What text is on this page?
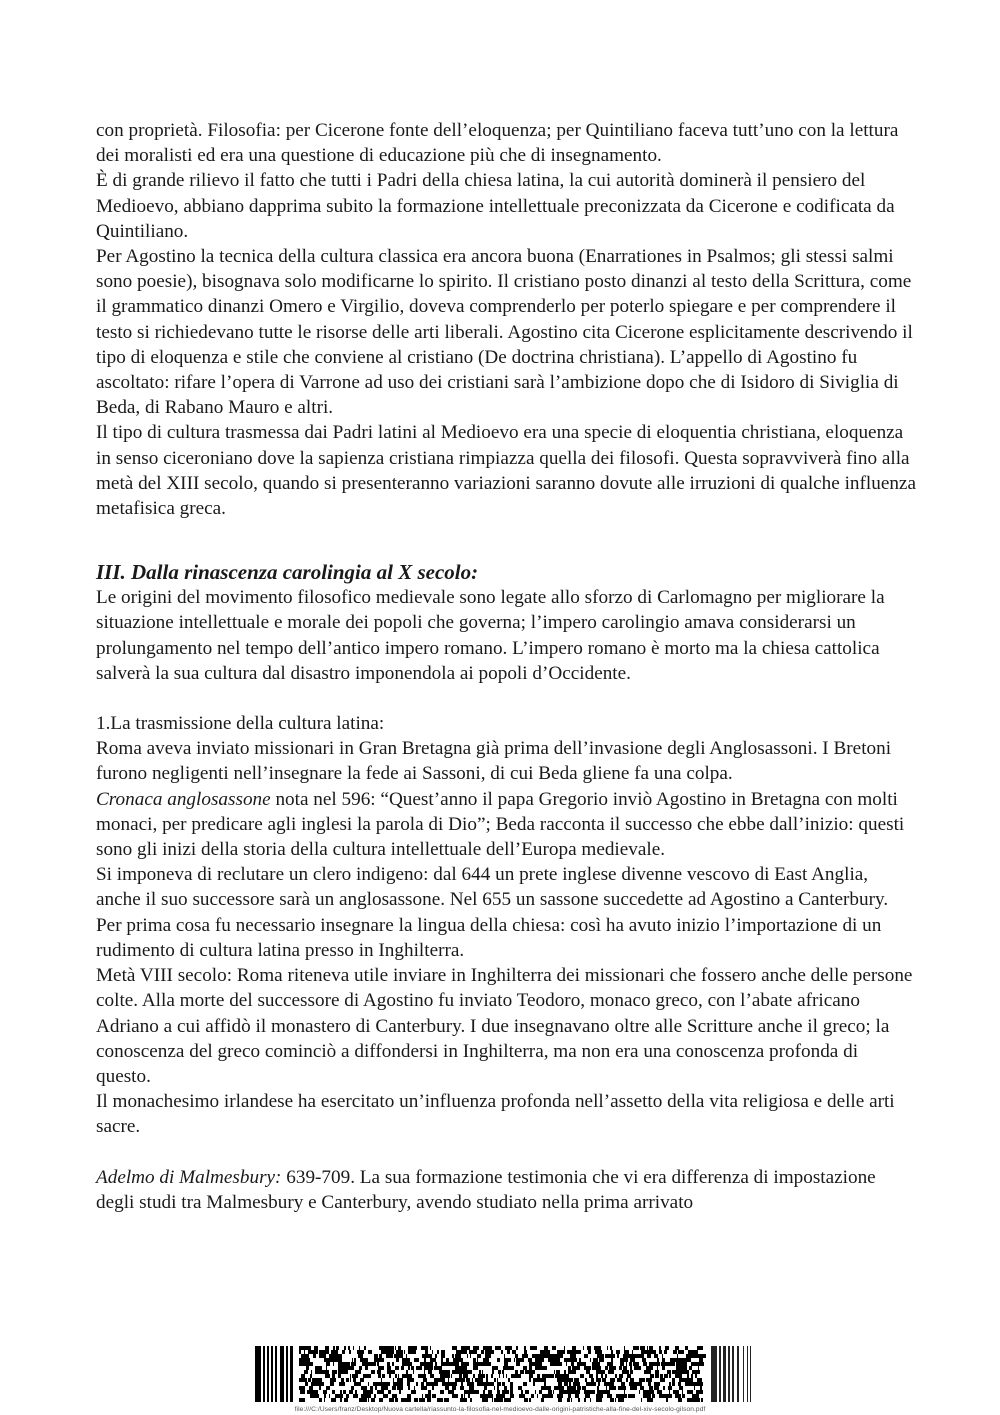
con proprietà. Filosofia: per Cicerone fonte dell’eloquenza; per Quintiliano faceva tutt’uno con la lettura dei moralisti ed era una questione di educazione più che di insegnamento.

È di grande rilievo il fatto che tutti i Padri della chiesa latina, la cui autorità dominerà il pensiero del Medioevo, abbiano dapprima subito la formazione intellettuale preconizzata da Cicerone e codificata da Quintiliano.

Per Agostino la tecnica della cultura classica era ancora buona (Enarrationes in Psalmos; gli stessi salmi sono poesie), bisognava solo modificarne lo spirito. Il cristiano posto dinanzi al testo della Scrittura, come il grammatico dinanzi Omero e Virgilio, doveva comprenderlo per poterlo spiegare e per comprendere il testo si richiedevano tutte le risorse delle arti liberali. Agostino cita Cicerone esplicitamente descrivendo il tipo di eloquenza e stile che conviene al cristiano (De doctrina christiana). L’appello di Agostino fu ascoltato: rifare l’opera di Varrone ad uso dei cristiani sarà l’ambizione dopo che di Isidoro di Siviglia di Beda, di Rabano Mauro e altri.

Il tipo di cultura trasmessa dai Padri latini al Medioevo era una specie di eloquentia christiana, eloquenza in senso ciceroniano dove la sapienza cristiana rimpiazza quella dei filosofi. Questa sopravviverà fino alla metà del XIII secolo, quando si presenteranno variazioni saranno dovute alle irruzioni di qualche influenza metafisica greca.

III. Dalla rinascenza carolingia al X secolo:

Le origini del movimento filosofico medievale sono legate allo sforzo di Carlomagno per migliorare la situazione intellettuale e morale dei popoli che governa; l’impero carolingio amava considerarsi un prolungamento nel tempo dell’antico impero romano. L’impero romano è morto ma la chiesa cattolica salverà la sua cultura dal disastro imponendola ai popoli d’Occidente.

1.La trasmissione della cultura latina:

Roma aveva inviato missionari in Gran Bretagna già prima dell’invasione degli Anglosassoni. I Bretoni furono negligenti nell’insegnare la fede ai Sassoni, di cui Beda gliene fa una colpa.

Cronaca anglosassone nota nel 596: “Quest’anno il papa Gregorio inviò Agostino in Bretagna con molti monaci, per predicare agli inglesi la parola di Dio”; Beda racconta il successo che ebbe dall’inizio: questi sono gli inizi della storia della cultura intellettuale dell’Europa medievale.

Si imponeva di reclutare un clero indigeno: dal 644 un prete inglese divenne vescovo di East Anglia, anche il suo successore sarà un anglosassone. Nel 655 un sassone succedette ad Agostino a Canterbury. Per prima cosa fu necessario insegnare la lingua della chiesa: così ha avuto inizio l’importazione di un rudimento di cultura latina presso in Inghilterra.

Metà VIII secolo: Roma riteneva utile inviare in Inghilterra dei missionari che fossero anche delle persone colte. Alla morte del successore di Agostino fu inviato Teodoro, monaco greco, con l’abate africano Adriano a cui affidò il monastero di Canterbury. I due insegnavano oltre alle Scritture anche il greco; la conoscenza del greco cominciò a diffondersi in Inghilterra, ma non era una conoscenza profonda di questo.

Il monachesimo irlandese ha esercitato un’influenza profonda nell’assetto della vita religiosa e delle arti sacre.

Adelmo di Malmesbury: 639-709. La sua formazione testimonia che vi era differenza di impostazione degli studi tra Malmesbury e Canterbury, avendo studiato nella prima arrivato

file:///C:/Users/franz/Desktop/Nuova cartella/riassunto-la-filosofia-nel-medioevo-dalle-origini-patristiche-alla-fine-del-xiv-secolo-gilson.pdf
